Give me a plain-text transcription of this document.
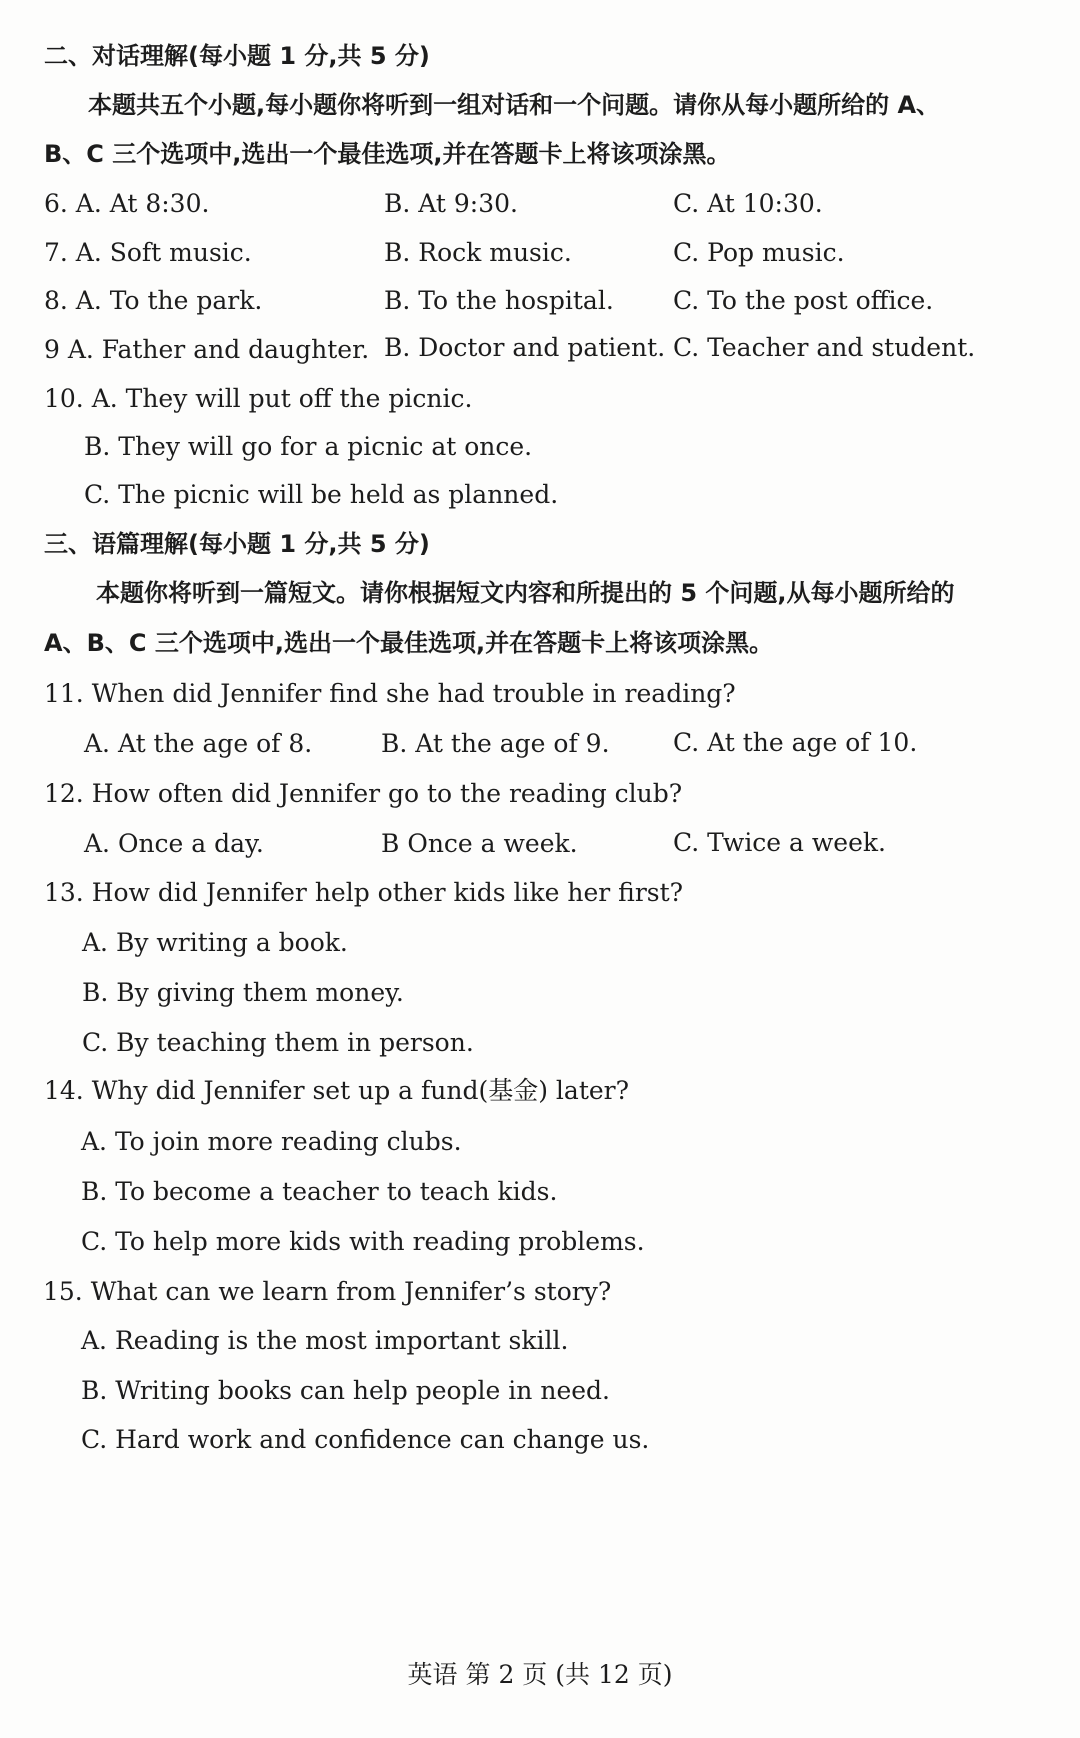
二、对话理解(每小题 1 分,共 5 分)
本题共五个小题,每小题你将听到一组对话和一个问题。请你从每小题所给的 A、
B、C 三个选项中,选出一个最佳选项,并在答题卡上将该项涂黑。
6. A. At 8:30.	B. At 9:30.	C. At 10:30.
7. A. Soft music.	B. Rock music.	C. Pop music.
8. A. To the park.	B. To the hospital. C. To the post office.
9 A. Father and daughter. B. Doctor and patient. C. Teacher and student.
10. A. They will put off the picnic.
B. They will go for a picnic at once.
C. The picnic will be held as planned.
三、语篇理解(每小题 1 分,共 5 分)
本题你将听到一篇短文。请你根据短文内容和所提出的 5 个问题,从每小题所给的
A、B、C 三个选项中,选出一个最佳选项,并在答题卡上将该项涂黑。
11. When did Jennifer find she had trouble in reading?
A. At the age of 8.	B. At the age of 9.	C. At the age of 10.
12. How often did Jennifer go to the reading club?
A. Once a day.	B Once a week.	C. Twice a week.
13. How did Jennifer help other kids like her first?
A. By writing a book.
B. By giving them money.
C. By teaching them in person.
14. Why did Jennifer set up a fund(基金) later?
A. To join more reading clubs.
B. To become a teacher to teach kids.
C. To help more kids with reading problems.
15. What can we learn from Jennifer’s story?
A. Reading is the most important skill.
B. Writing books can help people in need.
C. Hard work and confidence can change us.
英语 第 2 页 (共 12 页)
